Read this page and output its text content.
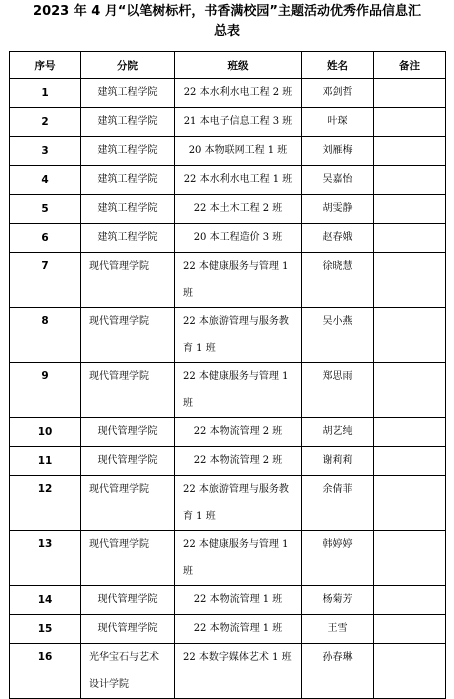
2023 年 4 月“以笔树标杆，书香满校园”主题活动优秀作品信息汇
总表
序号	分院	班级	姓名	备注

1	建筑工程学院	22 本水利水电工程 2 班	邓剑哲	

2	建筑工程学院	21 本电子信息工程 3 班	叶琛	

3	建筑工程学院	20 本物联网工程 1 班	刘雁梅	

4	建筑工程学院	22 本水利水电工程 1 班	吴嘉怡	

5	建筑工程学院	22 本土木工程 2 班	胡雯静	

6	建筑工程学院	20 本工程造价 3 班	赵春娥	

7	现代管理学院	22 本健康服务与管理 1 班	徐晓慧	

8	现代管理学院	22 本旅游管理与服务教育 1 班	吴小燕	

9	现代管理学院	22 本健康服务与管理 1 班	郑思雨	

10	现代管理学院	22 本物流管理 2 班	胡艺纯	

11	现代管理学院	22 本物流管理 2 班	谢莉莉	

12	现代管理学院	22 本旅游管理与服务教育 1 班	余倩菲	

13	现代管理学院	22 本健康服务与管理 1 班	韩婷婷	

14	现代管理学院	22 本物流管理 1 班	杨菊芳	

15	现代管理学院	22 本物流管理 1 班	王雪	

16	光华宝石与艺术设计学院	22 本数字媒体艺术 1 班	孙春琳	
